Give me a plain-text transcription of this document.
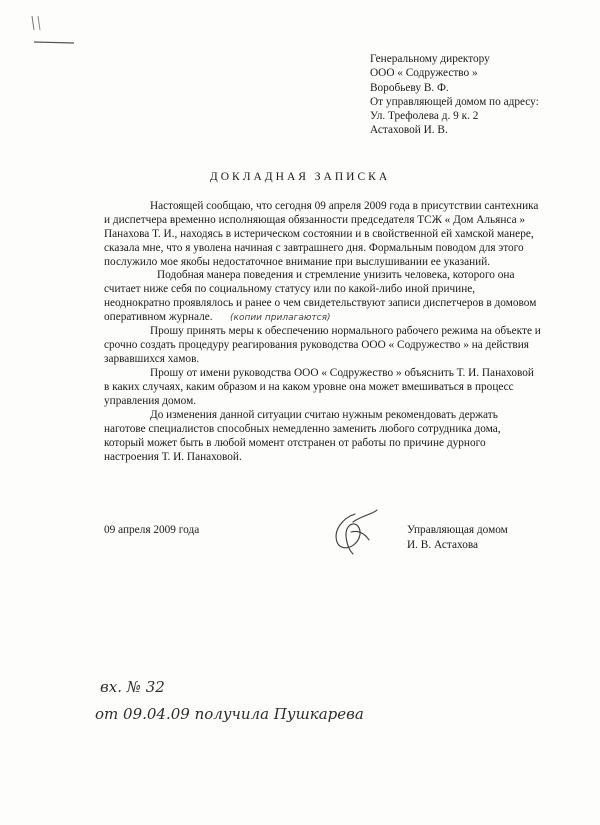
Генеральному директору
ООО « Содружество »
Воробьеву В. Ф.
От управляющей домом по адресу:
Ул. Трефолева д. 9 к. 2
Астаховой И. В.
ДОКЛАДНАЯ ЗАПИСКА
Настоящей сообщаю, что сегодня 09 апреля 2009 года в присутствии сантехника
и диспетчера временно исполняющая обязанности председателя ТСЖ « Дом Альянса »
Панахова Т. И., находясь в истерическом состоянии и в свойственной ей хамской манере,
сказала мне, что я уволена начиная с завтрашнего дня. Формальным поводом для этого
послужило мое якобы недостаточное внимание при выслушивании ее указаний.
Подобная манера поведения и стремление унизить человека, которого она
считает ниже себя по социальному статусу или по какой-либо иной причине,
неоднократно проявлялось и ранее о чем свидетельствуют записи диспетчеров в домовом
оперативном журнале. (копии прилагаются)
Прошу принять меры к обеспечению нормального рабочего режима на объекте и
срочно создать процедуру реагирования руководства ООО « Содружество » на действия
зарвавшихся хамов.
Прошу от имени руководства ООО « Содружество » объяснить Т. И. Панаховой
в каких случаях, каким образом и на каком уровне она может вмешиваться в процесс
управления домом.
До изменения данной ситуации считаю нужным рекомендовать держать
наготове специалистов способных немедленно заменить любого сотрудника дома,
который может быть в любой момент отстранен от работы по причине дурного
настроения Т. И. Панаховой.
09 апреля 2009 года	Управляющая домом
И. В. Астахова
вх. № 32
от 09.04.09 получила Пушкарева
